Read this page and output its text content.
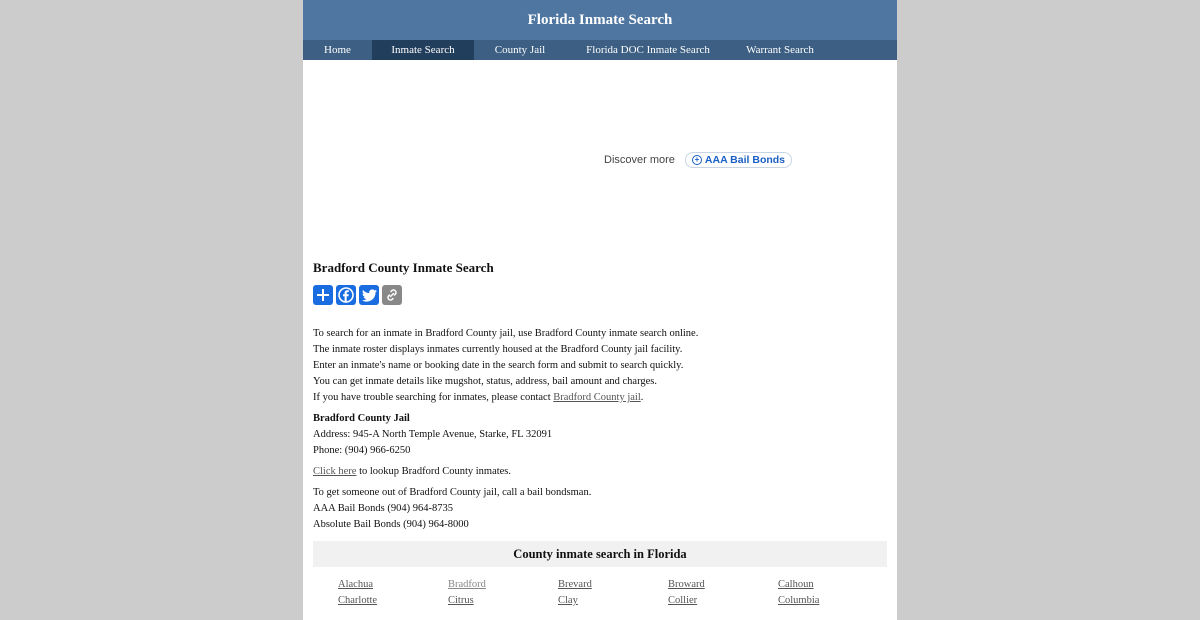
Florida Inmate Search
Home	Inmate Search	County Jail	Florida DOC Inmate Search	Warrant Search
Discover more	+ AAA Bail Bonds
Bradford County Inmate Search

To search for an inmate in Bradford County jail, use Bradford County inmate search online.

The inmate roster displays inmates currently housed at the Bradford County jail facility.

Enter an inmate's name or booking date in the search form and submit to search quickly.

You can get inmate details like mugshot, status, address, bail amount and charges.

If you have trouble searching for inmates, please contact Bradford County jail.

Bradford County Jail

Address: 945-A North Temple Avenue, Starke, FL 32091

Phone: (904) 966-6250

Click here to lookup Bradford County inmates.

To get someone out of Bradford County jail, call a bail bondsman.

AAA Bail Bonds (904) 964-8735

Absolute Bail Bonds (904) 964-8000

County inmate search in Florida
Alachua	Bradford	Brevard	Broward	Calhoun
Charlotte	Citrus	Clay	Collier	Columbia
